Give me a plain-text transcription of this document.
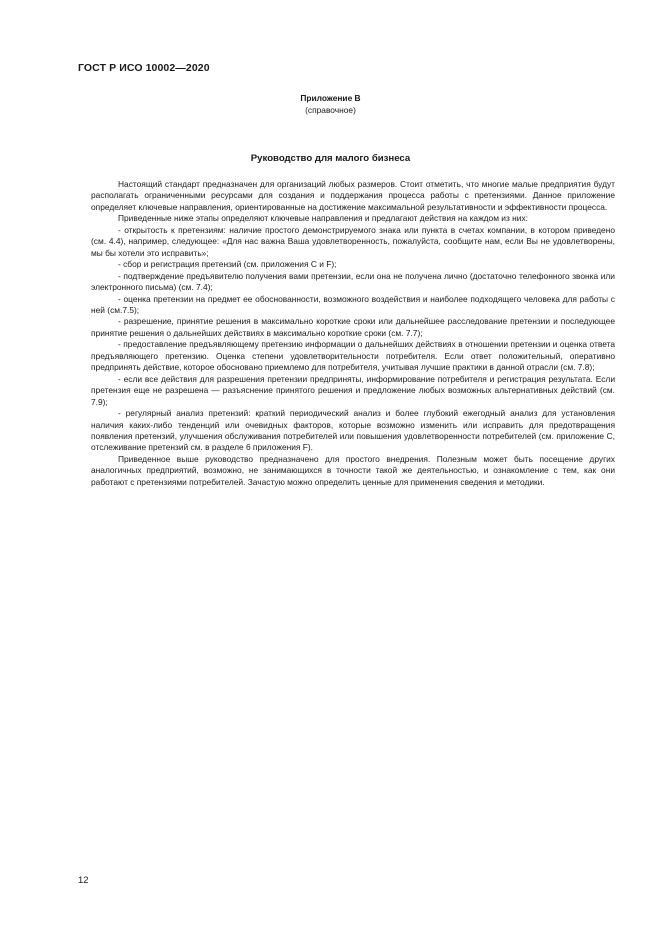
ГОСТ Р ИСО 10002—2020
Приложение В
(справочное)
Руководство для малого бизнеса

Настоящий стандарт предназначен для организаций любых размеров. Стоит отметить, что многие малые предприятия будут располагать ограниченными ресурсами для создания и поддержания процесса работы с претензиями. Данное приложение определяет ключевые направления, ориентированные на достижение максимальной результативности и эффективности процесса.

Приведенные ниже этапы определяют ключевые направления и предлагают действия на каждом из них:

- открытость к претензиям: наличие простого демонстрируемого знака или пункта в счетах компании, в котором приведено (см. 4.4), например, следующее: «Для нас важна Ваша удовлетворенность, пожалуйста, сообщите нам, если Вы не удовлетворены, мы бы хотели это исправить»;

- сбор и регистрация претензий (см. приложения С и F);

- подтверждение предъявителю получения вами претензии, если она не получена лично (достаточно телефонного звонка или электронного письма) (см. 7.4);

- оценка претензии на предмет ее обоснованности, возможного воздействия и наиболее подходящего человека для работы с ней (см.7.5);

- разрешение, принятие решения в максимально короткие сроки или дальнейшее расследование претензии и последующее принятие решения о дальнейших действиях в максимально короткие сроки (см. 7.7);

- предоставление предъявляющему претензию информации о дальнейших действиях в отношении претензии и оценка ответа предъявляющего претензию. Оценка степени удовлетворительности потребителя. Если ответ положительный, оперативно предпринять действие, которое обосновано приемлемо для потребителя, учитывая лучшие практики в данной отрасли (см. 7.8);

- если все действия для разрешения претензии предприняты, информирование потребителя и регистрация результата. Если претензия еще не разрешена — разъяснение принятого решения и предложение любых возможных альтернативных действий (см. 7.9);

- регулярный анализ претензий: краткий периодический анализ и более глубокий ежегодный анализ для установления наличия каких-либо тенденций или очевидных факторов, которые возможно изменить или исправить для предотвращения появления претензий, улучшения обслуживания потребителей или повышения удовлетворенности потребителей (см. приложение С, отслеживание претензий см. в разделе 6 приложения F).

Приведенное выше руководство предназначено для простого внедрения. Полезным может быть посещение других аналогичных предприятий, возможно, не занимающихся в точности такой же деятельностью, и ознакомление с тем, как они работают с претензиями потребителей. Зачастую можно определить ценные для применения сведения и методики.

12
